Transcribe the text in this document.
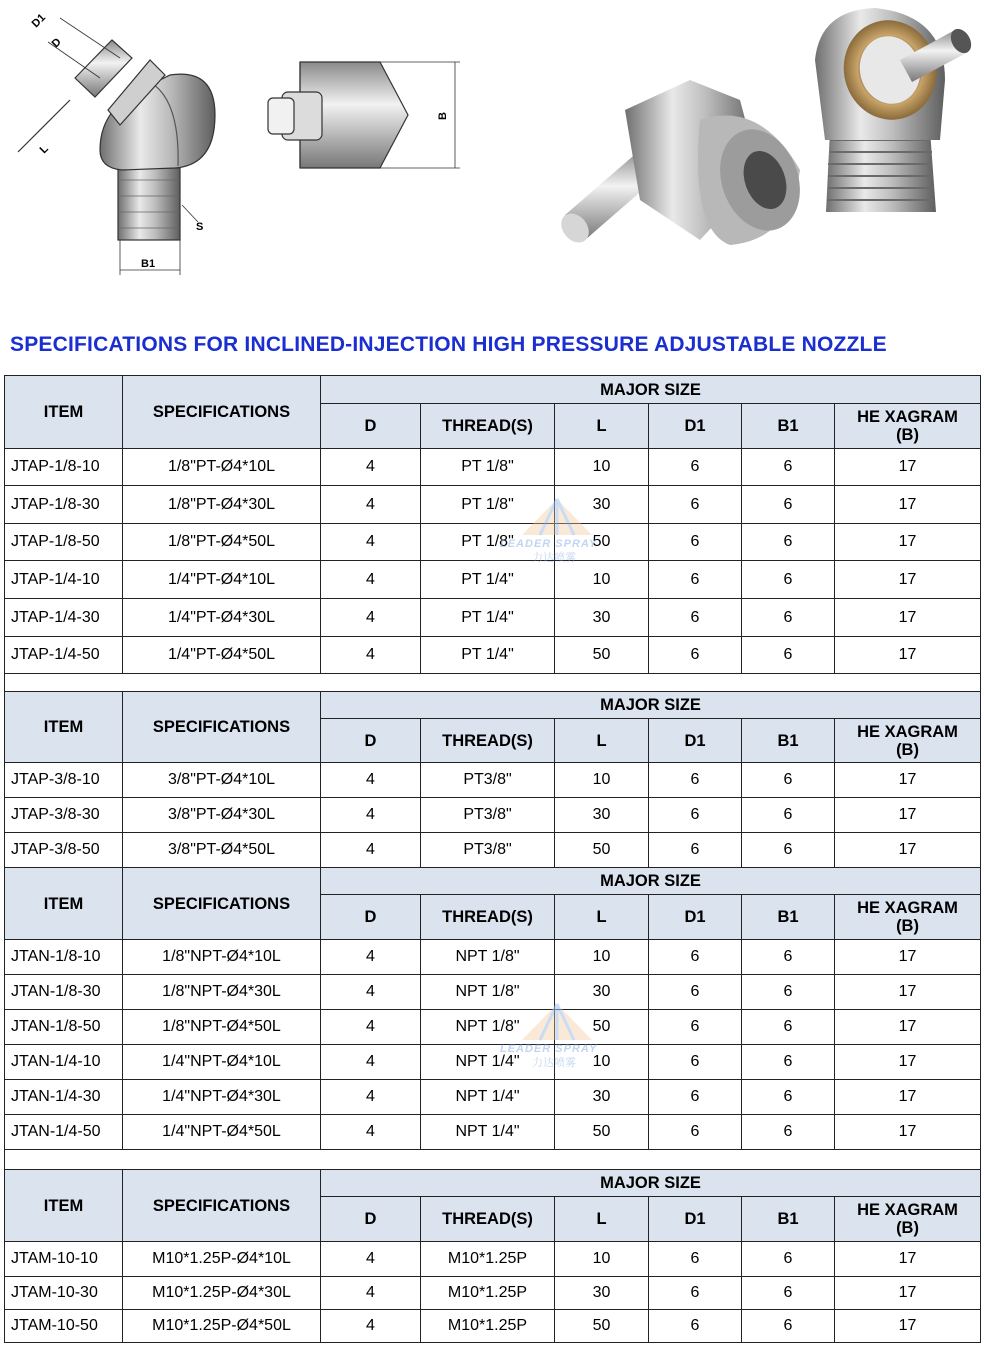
D1
D
L
S
B1
B
SPECIFICATIONS FOR INCLINED-INJECTION HIGH PRESSURE ADJUSTABLE NOZZLE
ITEM	SPECIFICATIONS	MAJOR SIZE					
		D	THREAD(S)	L	D1	B1	HE XAGRAM
(B)

JTAP-1/8-10	1/8"PT-Ø4*10L	4	PT 1/8"	10	6	6	17
JTAP-1/8-30	1/8"PT-Ø4*30L	4	PT 1/8"	30	6	6	17
JTAP-1/8-50	1/8"PT-Ø4*50L	4	PT 1/8"	50	6	6	17
JTAP-1/4-10	1/4"PT-Ø4*10L	4	PT 1/4"	10	6	6	17
JTAP-1/4-30	1/4"PT-Ø4*30L	4	PT 1/4"	30	6	6	17
JTAP-1/4-50	1/4"PT-Ø4*50L	4	PT 1/4"	50	6	6	17

ITEM	SPECIFICATIONS	MAJOR SIZE					
		D	THREAD(S)	L	D1	B1	HE XAGRAM
(B)

JTAP-3/8-10	3/8"PT-Ø4*10L	4	PT3/8"	10	6	6	17
JTAP-3/8-30	3/8"PT-Ø4*30L	4	PT3/8"	30	6	6	17
JTAP-3/8-50	3/8"PT-Ø4*50L	4	PT3/8"	50	6	6	17
ITEM	SPECIFICATIONS	MAJOR SIZE					
		D	THREAD(S)	L	D1	B1	HE XAGRAM
(B)

JTAN-1/8-10	1/8"NPT-Ø4*10L	4	NPT 1/8"	10	6	6	17
JTAN-1/8-30	1/8"NPT-Ø4*30L	4	NPT 1/8"	30	6	6	17
JTAN-1/8-50	1/8"NPT-Ø4*50L	4	NPT 1/8"	50	6	6	17
JTAN-1/4-10	1/4"NPT-Ø4*10L	4	NPT 1/4"	10	6	6	17
JTAN-1/4-30	1/4"NPT-Ø4*30L	4	NPT 1/4"	30	6	6	17
JTAN-1/4-50	1/4"NPT-Ø4*50L	4	NPT 1/4"	50	6	6	17

ITEM	SPECIFICATIONS	MAJOR SIZE					
		D	THREAD(S)	L	D1	B1	HE XAGRAM
(B)

JTAM-10-10	M10*1.25P-Ø4*10L	4	M10*1.25P	10	6	6	17
JTAM-10-30	M10*1.25P-Ø4*30L	4	M10*1.25P	30	6	6	17
JTAM-10-50	M10*1.25P-Ø4*50L	4	M10*1.25P	50	6	6	17
LEADER SPRAY
力达喷雾
LEADER SPRAY
力达喷雾
